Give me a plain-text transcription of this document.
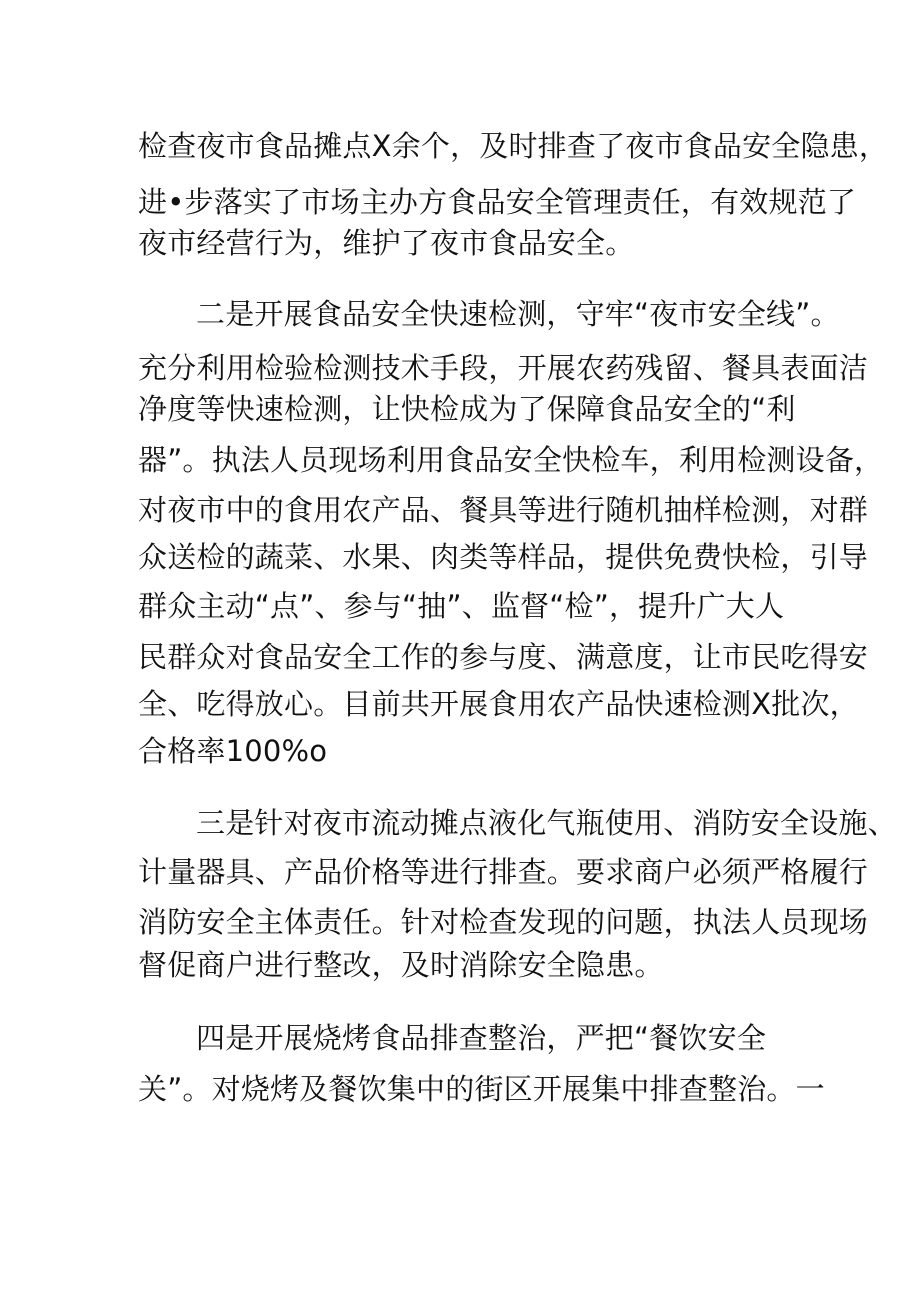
检查夜市食品摊点X余个，及时排查了夜市食品安全隐患，
进•步落实了市场主办方食品安全管理责任，有效规范了
夜市经营行为，维护了夜市食品安全。
二是开展食品安全快速检测，守牢“夜市安全线”。
充分利用检验检测技术手段，开展农药残留、餐具表面洁
净度等快速检测，让快检成为了保障食品安全的“利
器”。执法人员现场利用食品安全快检车，利用检测设备，
对夜市中的食用农产品、餐具等进行随机抽样检测，对群
众送检的蔬菜、水果、肉类等样品，提供免费快检，引导
群众主动“点”、参与“抽”、监督“检”，提升广大人
民群众对食品安全工作的参与度、满意度，让市民吃得安
全、吃得放心。目前共开展食用农产品快速检测X批次，
合格率100%o
三是针对夜市流动摊点液化气瓶使用、消防安全设施、
计量器具、产品价格等进行排查。要求商户必须严格履行
消防安全主体责任。针对检查发现的问题，执法人员现场
督促商户进行整改，及时消除安全隐患。
四是开展烧烤食品排查整治，严把“餐饮安全
关”。对烧烤及餐饮集中的街区开展集中排查整治。一
